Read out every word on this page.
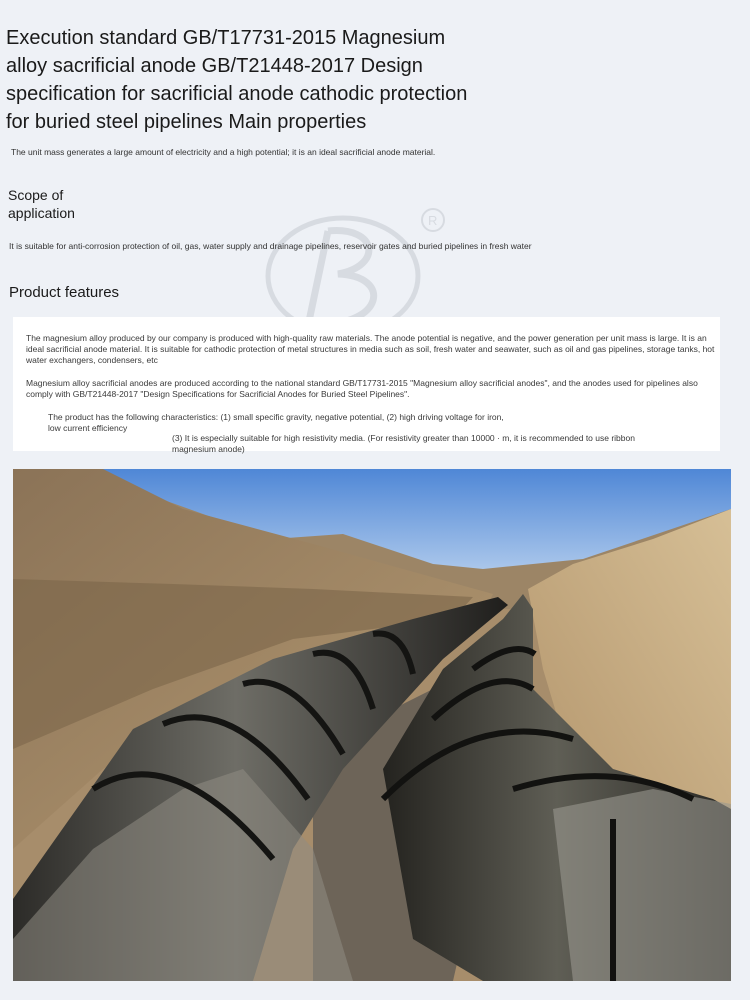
Execution standard GB/T17731-2015 Magnesium alloy sacrificial anode GB/T21448-2017 Design specification for sacrificial anode cathodic protection for buried steel pipelines Main properties

The unit mass generates a large amount of electricity and a high potential; it is an ideal sacrificial anode material.

Scope of application	R

It is suitable for anti-corrosion protection of oil, gas, water supply and drainage pipelines, reservoir gates and buried pipelines in fresh water

Product features

The magnesium alloy produced by our company is produced with high-quality raw materials. The anode potential is negative, and the power generation per unit mass is large. It is an ideal sacrificial anode material. It is suitable for cathodic protection of metal structures in media such as soil, fresh water and seawater, such as oil and gas pipelines, storage tanks, hot water exchangers, condensers, etc

Magnesium alloy sacrificial anodes are produced according to the national standard GB/T17731-2015 "Magnesium alloy sacrificial anodes", and the anodes used for pipelines also comply with GB/T21448-2017 "Design Specifications for Sacrificial Anodes for Buried Steel Pipelines".

The product has the following characteristics: (1) small specific gravity, negative potential, (2) high driving voltage for iron, low current efficiency

(3) It is especially suitable for high resistivity media. (For resistivity greater than 10000 · m, it is recommended to use ribbon magnesium anode)
